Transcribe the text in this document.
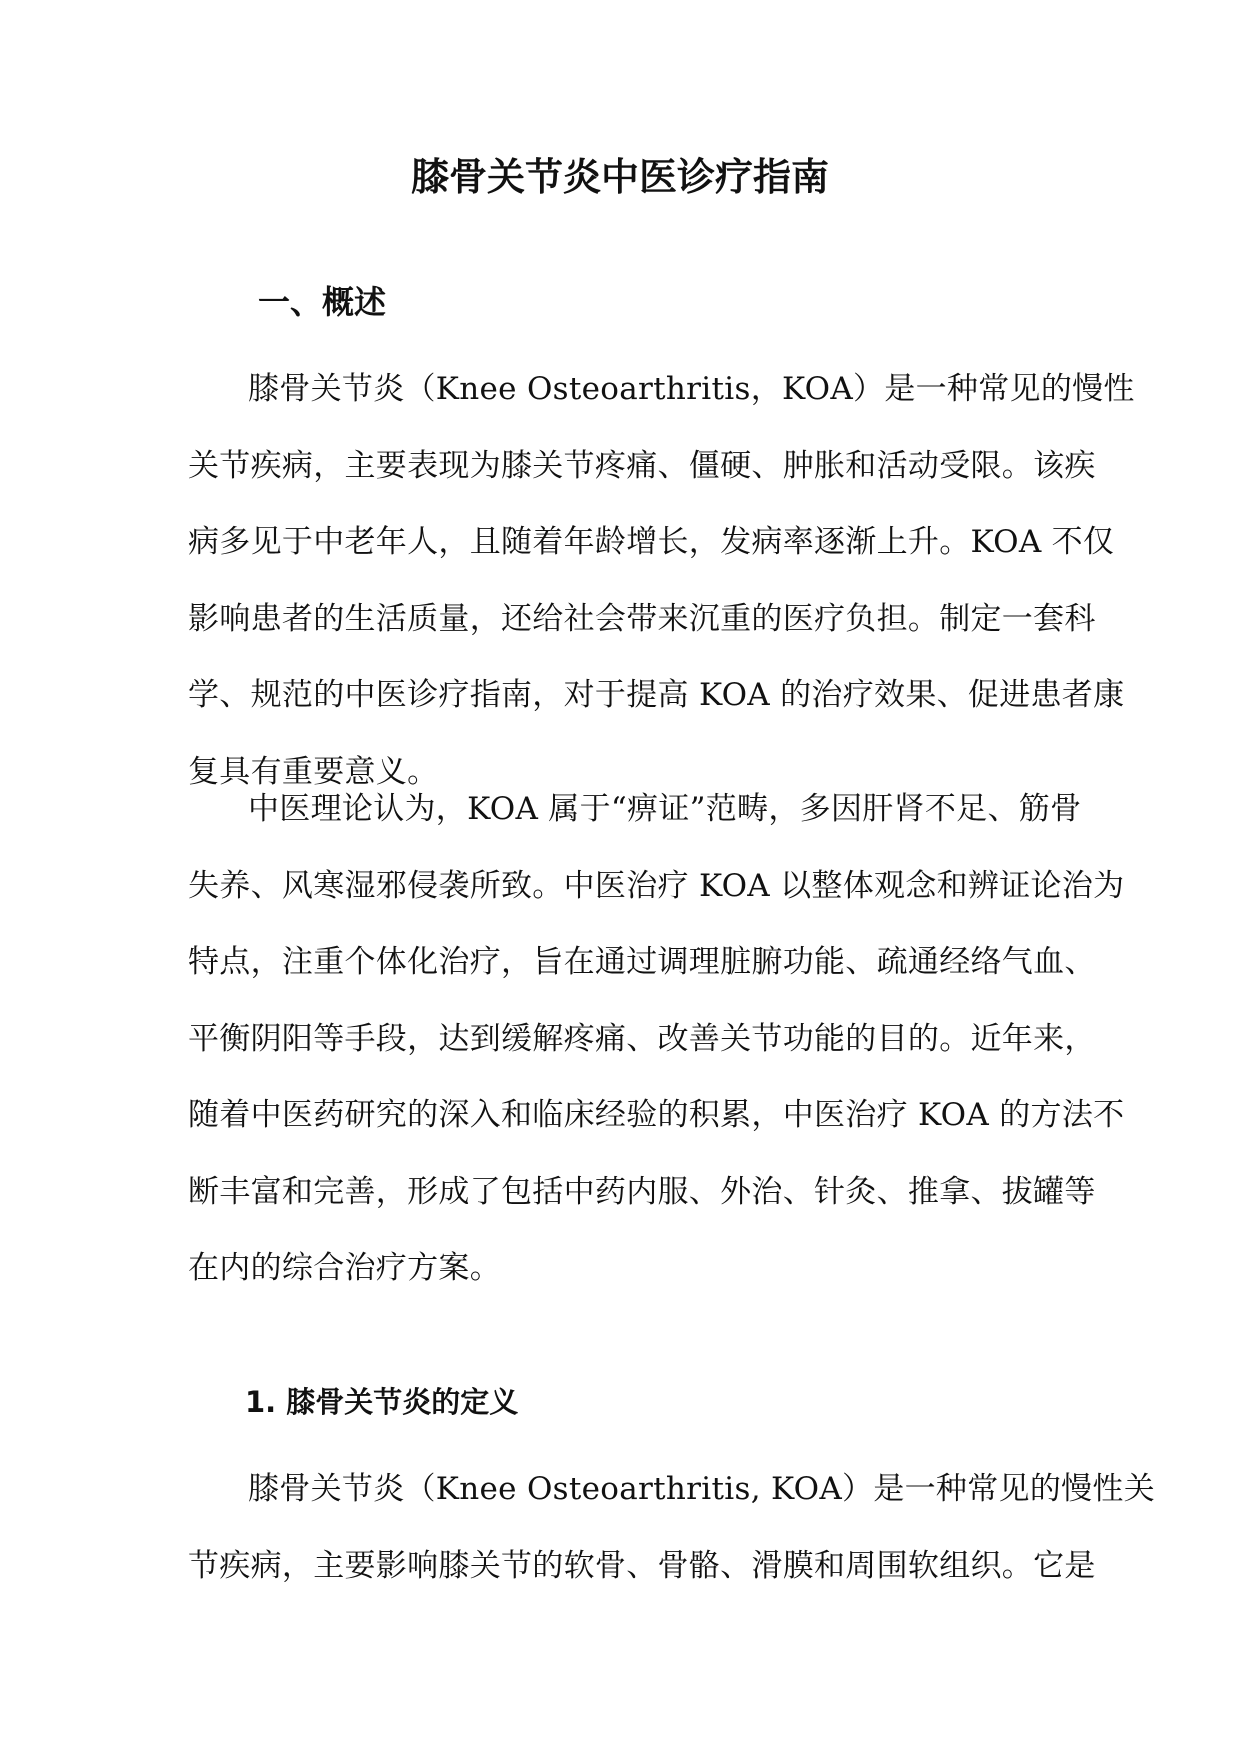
膝骨关节炎中医诊疗指南
一、概述

膝骨关节炎（Knee Osteoarthritis，KOA）是一种常见的慢性
关节疾病，主要表现为膝关节疼痛、僵硬、肿胀和活动受限。该疾
病多见于中老年人，且随着年龄增长，发病率逐渐上升。KOA 不仅
影响患者的生活质量，还给社会带来沉重的医疗负担。制定一套科
学、规范的中医诊疗指南，对于提高 KOA 的治疗效果、促进患者康
复具有重要意义。

中医理论认为，KOA 属于“痹证”范畴，多因肝肾不足、筋骨
失养、风寒湿邪侵袭所致。中医治疗 KOA 以整体观念和辨证论治为
特点，注重个体化治疗，旨在通过调理脏腑功能、疏通经络气血、
平衡阴阳等手段，达到缓解疼痛、改善关节功能的目的。近年来，
随着中医药研究的深入和临床经验的积累，中医治疗 KOA 的方法不
断丰富和完善，形成了包括中药内服、外治、针灸、推拿、拔罐等
在内的综合治疗方案。

1. 膝骨关节炎的定义

膝骨关节炎（Knee Osteoarthritis, KOA）是一种常见的慢性关
节疾病，主要影响膝关节的软骨、骨骼、滑膜和周围软组织。它是
